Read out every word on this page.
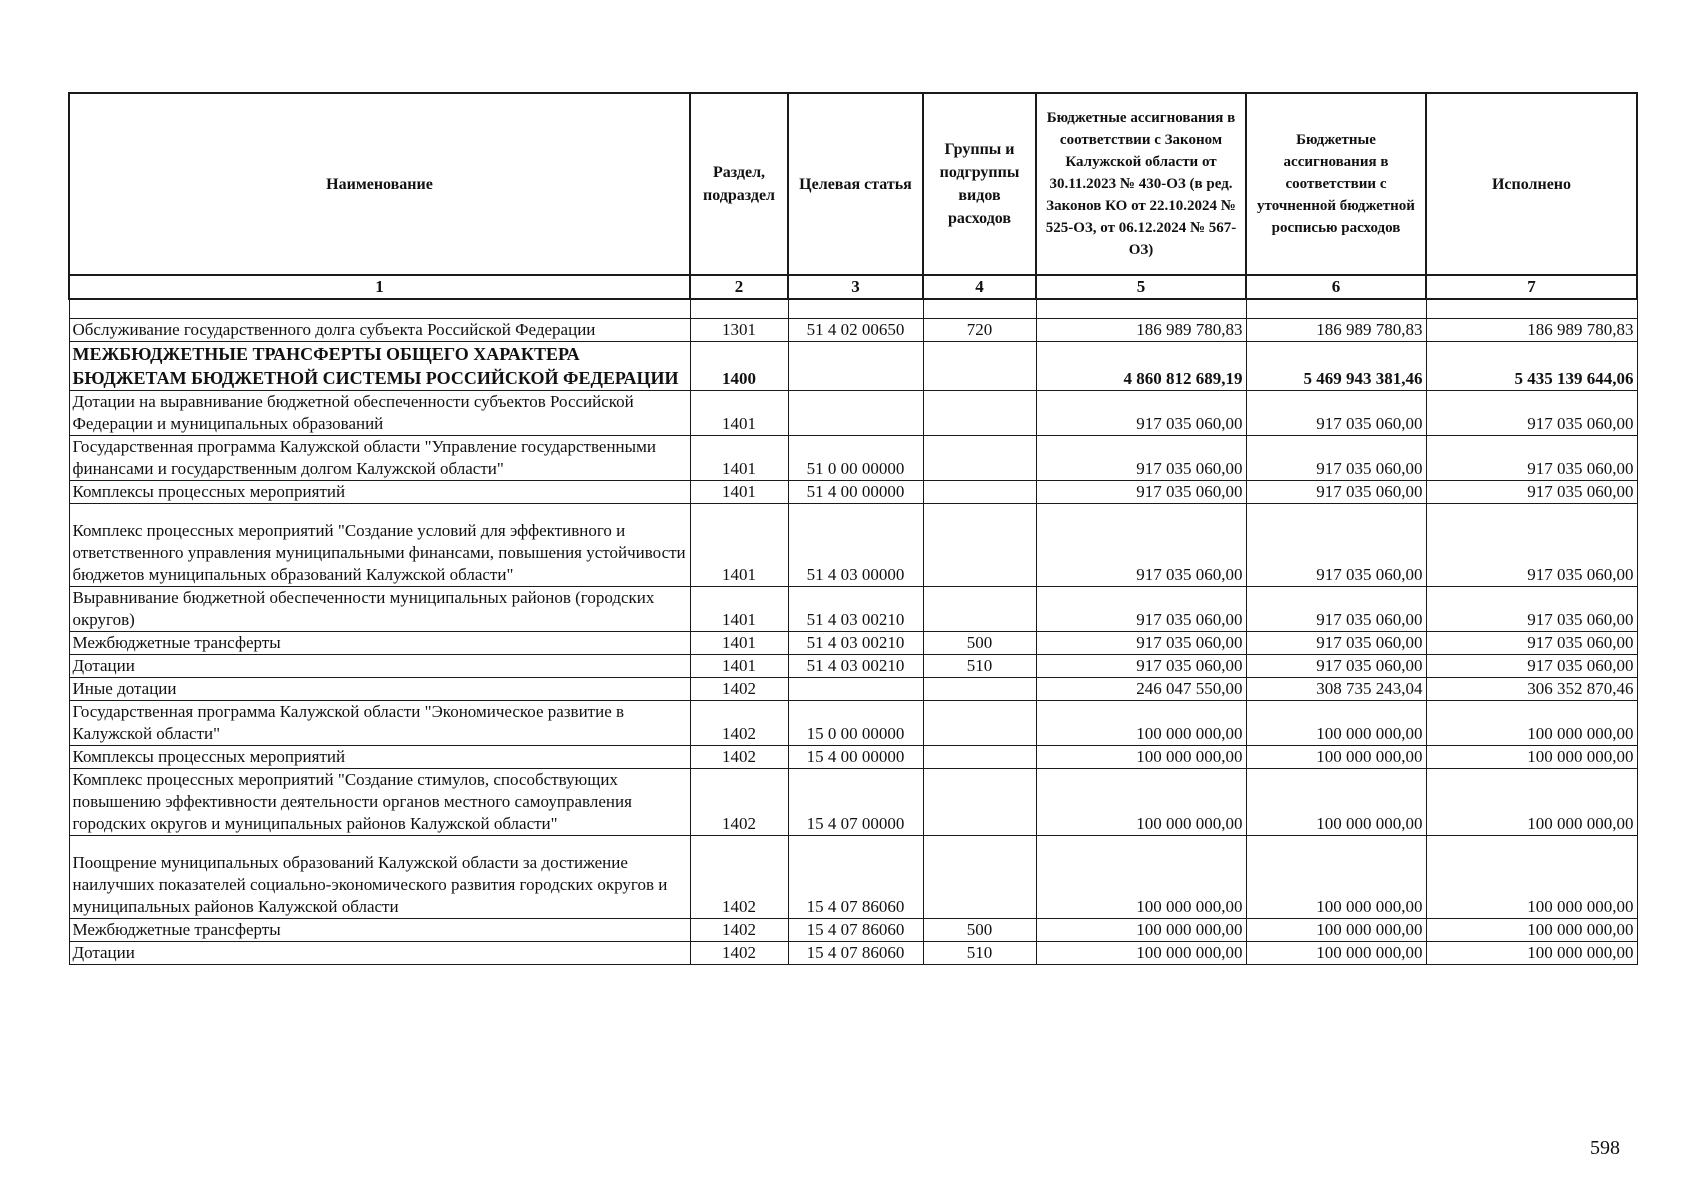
Наименование	Раздел, подраздел	Целевая статья	Группы и подгруппы видов расходов	Бюджетные ассигнования в соответствии с Законом Калужской области от 30.11.2023 № 430-ОЗ (в ред. Законов КО от 22.10.2024 № 525-ОЗ, от 06.12.2024 № 567-ОЗ)	Бюджетные ассигнования в соответствии с уточненной бюджетной росписью расходов	Исполнено
1	2	3	4	5	6	7

Обслуживание государственного долга субъекта Российской Федерации	1301	51 4 02 00650	720	186 989 780,83	186 989 780,83	186 989 780,83
МЕЖБЮДЖЕТНЫЕ ТРАНСФЕРТЫ ОБЩЕГО ХАРАКТЕРА БЮДЖЕТАМ БЮДЖЕТНОЙ СИСТЕМЫ РОССИЙСКОЙ ФЕДЕРАЦИИ	1400			4 860 812 689,19	5 469 943 381,46	5 435 139 644,06
Дотации на выравнивание бюджетной обеспеченности субъектов Российской Федерации и муниципальных образований	1401			917 035 060,00	917 035 060,00	917 035 060,00
Государственная программа Калужской области "Управление государственными финансами и государственным долгом Калужской области"	1401	51 0 00 00000		917 035 060,00	917 035 060,00	917 035 060,00
Комплексы процессных мероприятий	1401	51 4 00 00000		917 035 060,00	917 035 060,00	917 035 060,00
Комплекс процессных мероприятий "Создание условий для эффективного и ответственного управления муниципальными финансами, повышения устойчивости бюджетов муниципальных образований Калужской области"	1401	51 4 03 00000		917 035 060,00	917 035 060,00	917 035 060,00
Выравнивание бюджетной обеспеченности муниципальных районов (городских округов)	1401	51 4 03 00210		917 035 060,00	917 035 060,00	917 035 060,00
Межбюджетные трансферты	1401	51 4 03 00210	500	917 035 060,00	917 035 060,00	917 035 060,00
Дотации	1401	51 4 03 00210	510	917 035 060,00	917 035 060,00	917 035 060,00
Иные дотации	1402			246 047 550,00	308 735 243,04	306 352 870,46
Государственная программа Калужской области "Экономическое развитие в Калужской области"	1402	15 0 00 00000		100 000 000,00	100 000 000,00	100 000 000,00
Комплексы процессных мероприятий	1402	15 4 00 00000		100 000 000,00	100 000 000,00	100 000 000,00
Комплекс процессных мероприятий "Создание стимулов, способствующих повышению эффективности деятельности органов местного самоуправления городских округов и муниципальных районов Калужской области"	1402	15 4 07 00000		100 000 000,00	100 000 000,00	100 000 000,00
Поощрение муниципальных образований Калужской области за достижение наилучших показателей социально-экономического развития городских округов и муниципальных районов Калужской области	1402	15 4 07 86060		100 000 000,00	100 000 000,00	100 000 000,00
Межбюджетные трансферты	1402	15 4 07 86060	500	100 000 000,00	100 000 000,00	100 000 000,00
Дотации	1402	15 4 07 86060	510	100 000 000,00	100 000 000,00	100 000 000,00
598
